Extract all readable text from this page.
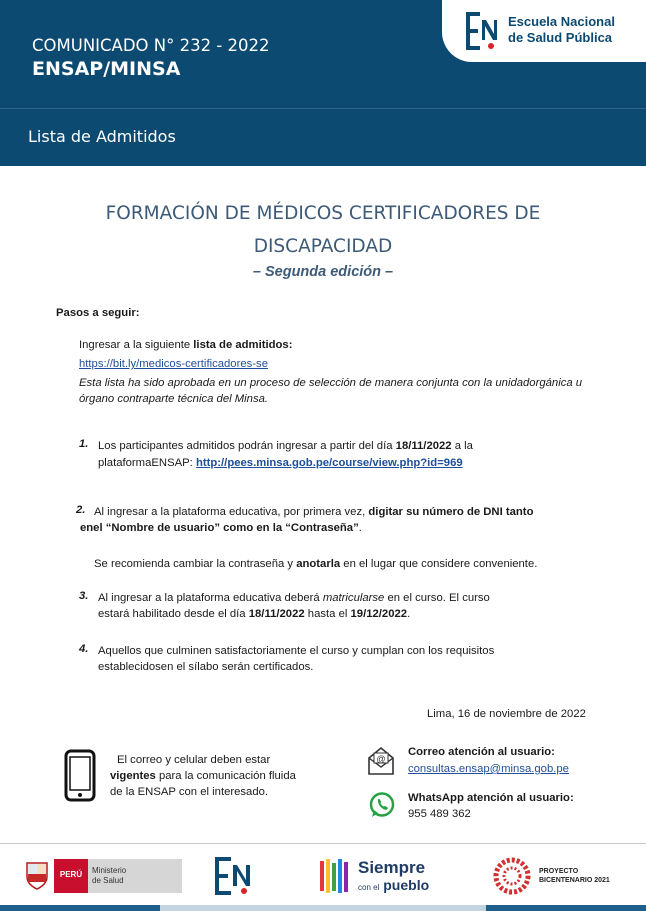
COMUNICADO N° 232 - 2022
ENSAP/MINSA
Lista de Admitidos
Escuela Nacional
de Salud Pública
FORMACIÓN DE MÉDICOS CERTIFICADORES DE
DISCAPACIDAD
– Segunda edición –
Pasos a seguir:
Ingresar a la siguiente lista de admitidos:
https://bit.ly/medicos-certificadores-se
Esta lista ha sido aprobada en un proceso de selección de manera conjunta con la unidadorgánica u
órgano contraparte técnica del Minsa.
1. Los participantes admitidos podrán ingresar a partir del día 18/11/2022 a la
plataformaENSAP: http://pees.minsa.gob.pe/course/view.php?id=969
2. Al ingresar a la plataforma educativa, por primera vez, digitar su número de DNI tanto
enel “Nombre de usuario” como en la “Contraseña”.
Se recomienda cambiar la contraseña y anotarla en el lugar que considere conveniente.
3. Al ingresar a la plataforma educativa deberá matricularse en el curso. El curso
estará habilitado desde el día 18/11/2022 hasta el 19/12/2022.
4. Aquellos que culminen satisfactoriamente el curso y cumplan con los requisitos
establecidosen el sílabo serán certificados.
Lima, 16 de noviembre de 2022
El correo y celular deben estar
vigentes para la comunicación fluida
de la ENSAP con el interesado.
@
Correo atención al usuario:
consultas.ensap@minsa.gob.pe
WhatsApp atención al usuario:
955 489 362
PERÚ	Ministerio
de Salud
Siempre
con el pueblo
PROYECTO
BICENTENARIO 2021
